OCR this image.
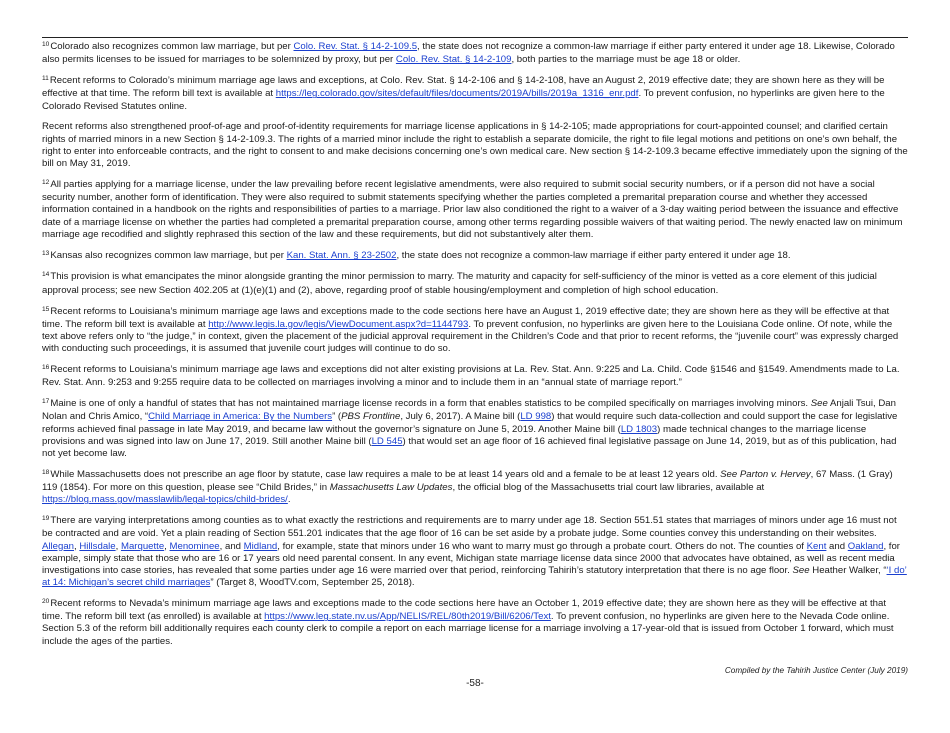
$^{10}$Colorado also recognizes common law marriage, but per Colo. Rev. Stat. § 14-2-109.5, the state does not recognize a common-law marriage if either party entered it under age 18. Likewise, Colorado also permits licenses to be issued for marriages to be solemnized by proxy, but per Colo. Rev. Stat. § 14-2-109, both parties to the marriage must be age 18 or older.

$^{11}$Recent reforms to Colorado’s minimum marriage age laws and exceptions, at Colo. Rev. Stat. § 14-2-106 and § 14-2-108, have an August 2, 2019 effective date; they are shown here as they will be effective at that time. The reform bill text is available at https://leg.colorado.gov/sites/default/files/documents/2019A/bills/2019a_1316_enr.pdf. To prevent confusion, no hyperlinks are given here to the Colorado Revised Statutes online.

Recent reforms also strengthened proof-of-age and proof-of-identity requirements for marriage license applications in § 14-2-105; made appropriations for court-appointed counsel; and clarified certain rights of married minors in a new Section § 14-2-109.3. The rights of a married minor include the right to establish a separate domicile, the right to file legal motions and petitions on one’s own behalf, the right to enter into enforceable contracts, and the right to consent to and make decisions concerning one’s own medical care. New section § 14-2-109.3 became effective immediately upon the signing of the bill on May 31, 2019.

$^{12}$All parties applying for a marriage license, under the law prevailing before recent legislative amendments, were also required to submit social security numbers, or if a person did not have a social security number, another form of identification. They were also required to submit statements specifying whether the parties completed a premarital preparation course and whether they accessed information contained in a handbook on the rights and responsibilities of parties to a marriage. Prior law also conditioned the right to a waiver of a 3-day waiting period between the issuance and effective date of a marriage license on whether the parties had completed a premarital preparation course, among other terms regarding possible waivers of that waiting period. The newly enacted law on minimum marriage age recodified and slightly rephrased this section of the law and these requirements, but did not substantively alter them.

$^{13}$Kansas also recognizes common law marriage, but per Kan. Stat. Ann. § 23-2502, the state does not recognize a common-law marriage if either party entered it under age 18.

$^{14}$This provision is what emancipates the minor alongside granting the minor permission to marry. The maturity and capacity for self-sufficiency of the minor is vetted as a core element of this judicial approval process; see new Section 402.205 at (1)(e)(1) and (2), above, regarding proof of stable housing/employment and completion of high school education.

$^{15}$Recent reforms to Louisiana’s minimum marriage age laws and exceptions made to the code sections here have an August 1, 2019 effective date; they are shown here as they will be effective at that time. The reform bill text is available at http://www.legis.la.gov/legis/ViewDocument.aspx?d=1144793. To prevent confusion, no hyperlinks are given here to the Louisiana Code online. Of note, while the text above refers only to “the judge,” in context, given the placement of the judicial approval requirement in the Children’s Code and that prior to recent reforms, the “juvenile court” was expressly charged with conducting such proceedings, it is assumed that juvenile court judges will continue to do so.

$^{16}$Recent reforms to Louisiana’s minimum marriage age laws and exceptions did not alter existing provisions at La. Rev. Stat. Ann. 9:225 and La. Child. Code §1546 and §1549. Amendments made to La. Rev. Stat. Ann. 9:253 and 9:255 require data to be collected on marriages involving a minor and to include them in an “annual state of marriage report.”

$^{17}$Maine is one of only a handful of states that has not maintained marriage license records in a form that enables statistics to be compiled specifically on marriages involving minors. See Anjali Tsui, Dan Nolan and Chris Amico, “Child Marriage in America: By the Numbers” (PBS Frontline, July 6, 2017). A Maine bill (LD 998) that would require such data-collection and could support the case for legislative reforms achieved final passage in late May 2019, and became law without the governor’s signature on June 5, 2019. Another Maine bill (LD 1803) made technical changes to the marriage license provisions and was signed into law on June 17, 2019. Still another Maine bill (LD 545) that would set an age floor of 16 achieved final legislative passage on June 14, 2019, but as of this publication, had not yet become law.

$^{18}$While Massachusetts does not prescribe an age floor by statute, case law requires a male to be at least 14 years old and a female to be at least 12 years old. See Parton v. Hervey, 67 Mass. (1 Gray) 119 (1854). For more on this question, please see “Child Brides,” in Massachusetts Law Updates, the official blog of the Massachusetts trial court law libraries, available at https://blog.mass.gov/masslawlib/legal-topics/child-brides/.

$^{19}$There are varying interpretations among counties as to what exactly the restrictions and requirements are to marry under age 18. Section 551.51 states that marriages of minors under age 16 must not be contracted and are void. Yet a plain reading of Section 551.201 indicates that the age floor of 16 can be set aside by a probate judge. Some counties convey this understanding on their websites. Allegan, Hillsdale, Marquette, Menominee, and Midland, for example, state that minors under 16 who want to marry must go through a probate court. Others do not. The counties of Kent and Oakland, for example, simply state that those who are 16 or 17 years old need parental consent. In any event, Michigan state marriage license data since 2000 that advocates have obtained, as well as recent media investigations into case stories, has revealed that some parties under age 16 were married over that period, reinforcing Tahirih’s statutory interpretation that there is no age floor. See Heather Walker, “‘I do’ at 14: Michigan’s secret child marriages” (Target 8, WoodTV.com, September 25, 2018).

$^{20}$Recent reforms to Nevada’s minimum marriage age laws and exceptions made to the code sections here have an October 1, 2019 effective date; they are shown here as they will be effective at that time. The reform bill text (as enrolled) is available at https://www.leg.state.nv.us/App/NELIS/REL/80th2019/Bill/6206/Text. To prevent confusion, no hyperlinks are given here to the Nevada Code online. Section 5.3 of the reform bill additionally requires each county clerk to compile a report on each marriage license for a marriage involving a 17-year-old that is issued from October 1 forward, which must include the ages of the parties.

Compiled by the Tahirih Justice Center (July 2019)
-58-
